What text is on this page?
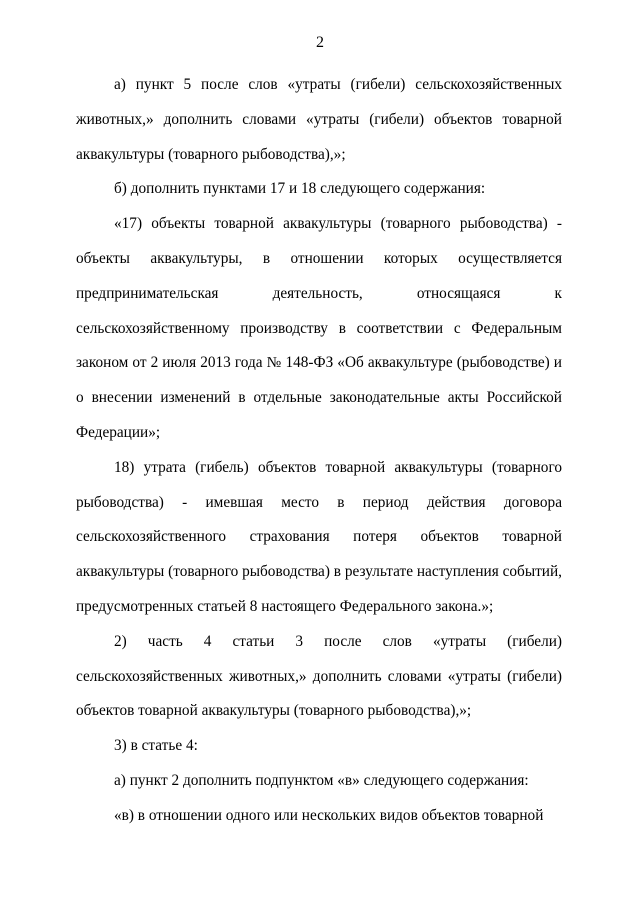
2

а) пункт 5 после слов «утраты (гибели) сельскохозяйственных животных,» дополнить словами «утраты (гибели) объектов товарной аквакультуры (товарного рыбоводства),»;

б) дополнить пунктами 17 и 18 следующего содержания:

«17) объекты товарной аквакультуры (товарного рыбоводства) - объекты аквакультуры, в отношении которых осуществляется предпринимательская деятельность, относящаяся к сельскохозяйственному производству в соответствии с Федеральным законом от 2 июля 2013 года № 148-ФЗ «Об аквакультуре (рыбоводстве) и о внесении изменений в отдельные законодательные акты Российской Федерации»;

18) утрата (гибель) объектов товарной аквакультуры (товарного рыбоводства) - имевшая место в период действия договора сельскохозяйственного страхования потеря объектов товарной аквакультуры (товарного рыбоводства) в результате наступления событий, предусмотренных статьей 8 настоящего Федерального закона.»;

2) часть 4 статьи 3 после слов «утраты (гибели) сельскохозяйственных животных,» дополнить словами «утраты (гибели) объектов товарной аквакультуры (товарного рыбоводства),»;

3) в статье 4:

а) пункт 2 дополнить подпунктом «в» следующего содержания:

«в) в отношении одного или нескольких видов объектов товарной
